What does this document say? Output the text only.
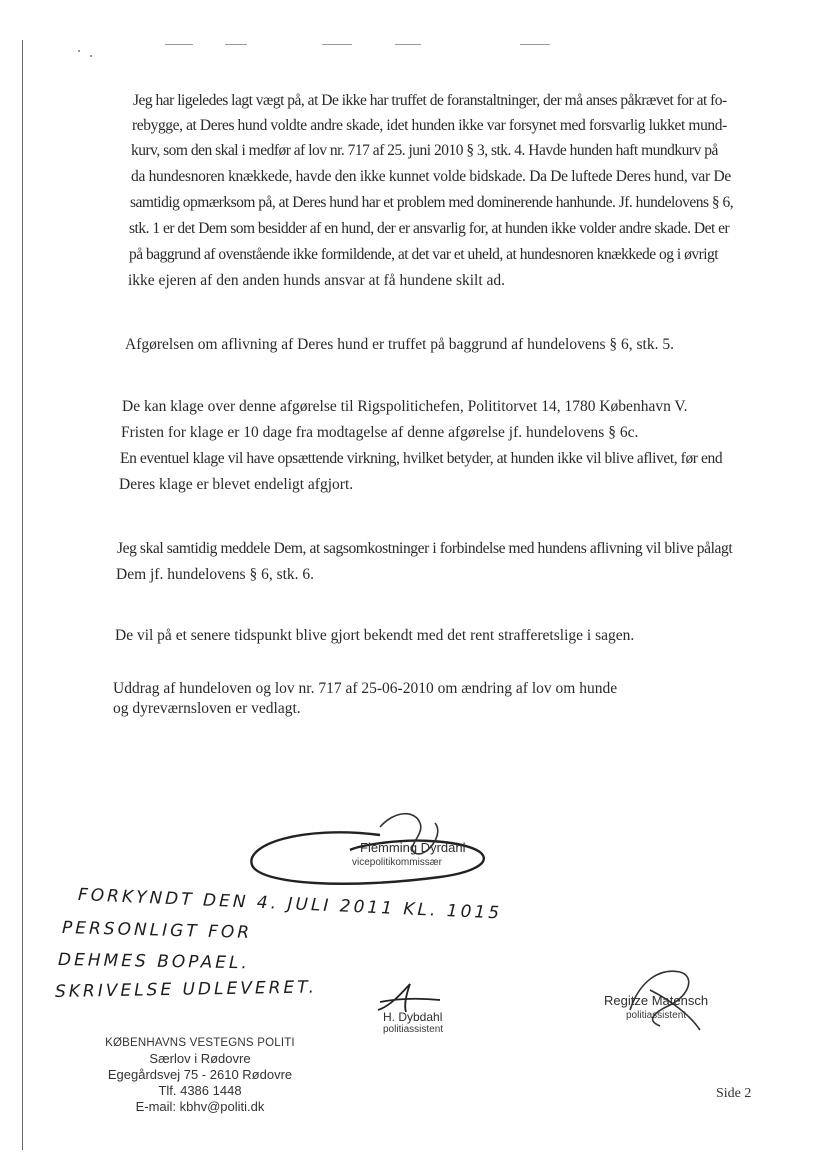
Jeg har ligeledes lagt vægt på, at De ikke har truffet de foranstaltninger, der må anses påkrævet for at fo-
rebygge, at Deres hund voldte andre skade, idet hunden ikke var forsynet med forsvarlig lukket mund-
kurv, som den skal i medfør af lov nr. 717 af 25. juni 2010 § 3, stk. 4. Havde hunden haft mundkurv på
da hundesnoren knækkede, havde den ikke kunnet volde bidskade. Da De luftede Deres hund, var De
samtidig opmærksom på, at Deres hund har et problem med dominerende hanhunde. Jf. hundelovens § 6,
stk. 1 er det Dem som besidder af en hund, der er ansvarlig for, at hunden ikke volder andre skade. Det er
på baggrund af ovenstående ikke formildende, at det var et uheld, at hundesnoren knækkede og i øvrigt
ikke ejeren af den anden hunds ansvar at få hundene skilt ad.
Afgørelsen om aflivning af Deres hund er truffet på baggrund af hundelovens § 6, stk. 5.
De kan klage over denne afgørelse til Rigspolitichefen, Polititorvet 14, 1780 København V.
Fristen for klage er 10 dage fra modtagelse af denne afgørelse jf. hundelovens § 6c.
En eventuel klage vil have opsættende virkning, hvilket betyder, at hunden ikke vil blive aflivet, før end
Deres klage er blevet endeligt afgjort.
Jeg skal samtidig meddele Dem, at sagsomkostninger i forbindelse med hundens aflivning vil blive pålagt
Dem jf. hundelovens § 6, stk. 6.
De vil på et senere tidspunkt blive gjort bekendt med det rent strafferetslige i sagen.
Uddrag af hundeloven og lov nr. 717 af 25-06-2010 om ændring af lov om hunde
og dyreværnsloven er vedlagt.
Flemming Dyrdahl
vicepolitikommissær
FORKYNDT DEN 4. JULI 2011 KL. 1015
PERSONLIGT FOR
DEHMES BOPAEL.
SKRIVELSE UDLEVERET.
H. Dybdahl
politiassistent
Regitze Matensch
politiassistent
KØBENHAVNS VESTEGNS POLITI
Særlov i Rødovre
Egegårdsvej 75 - 2610 Rødovre
Tlf. 4386 1448
E-mail: kbhv@politi.dk
Side 2
